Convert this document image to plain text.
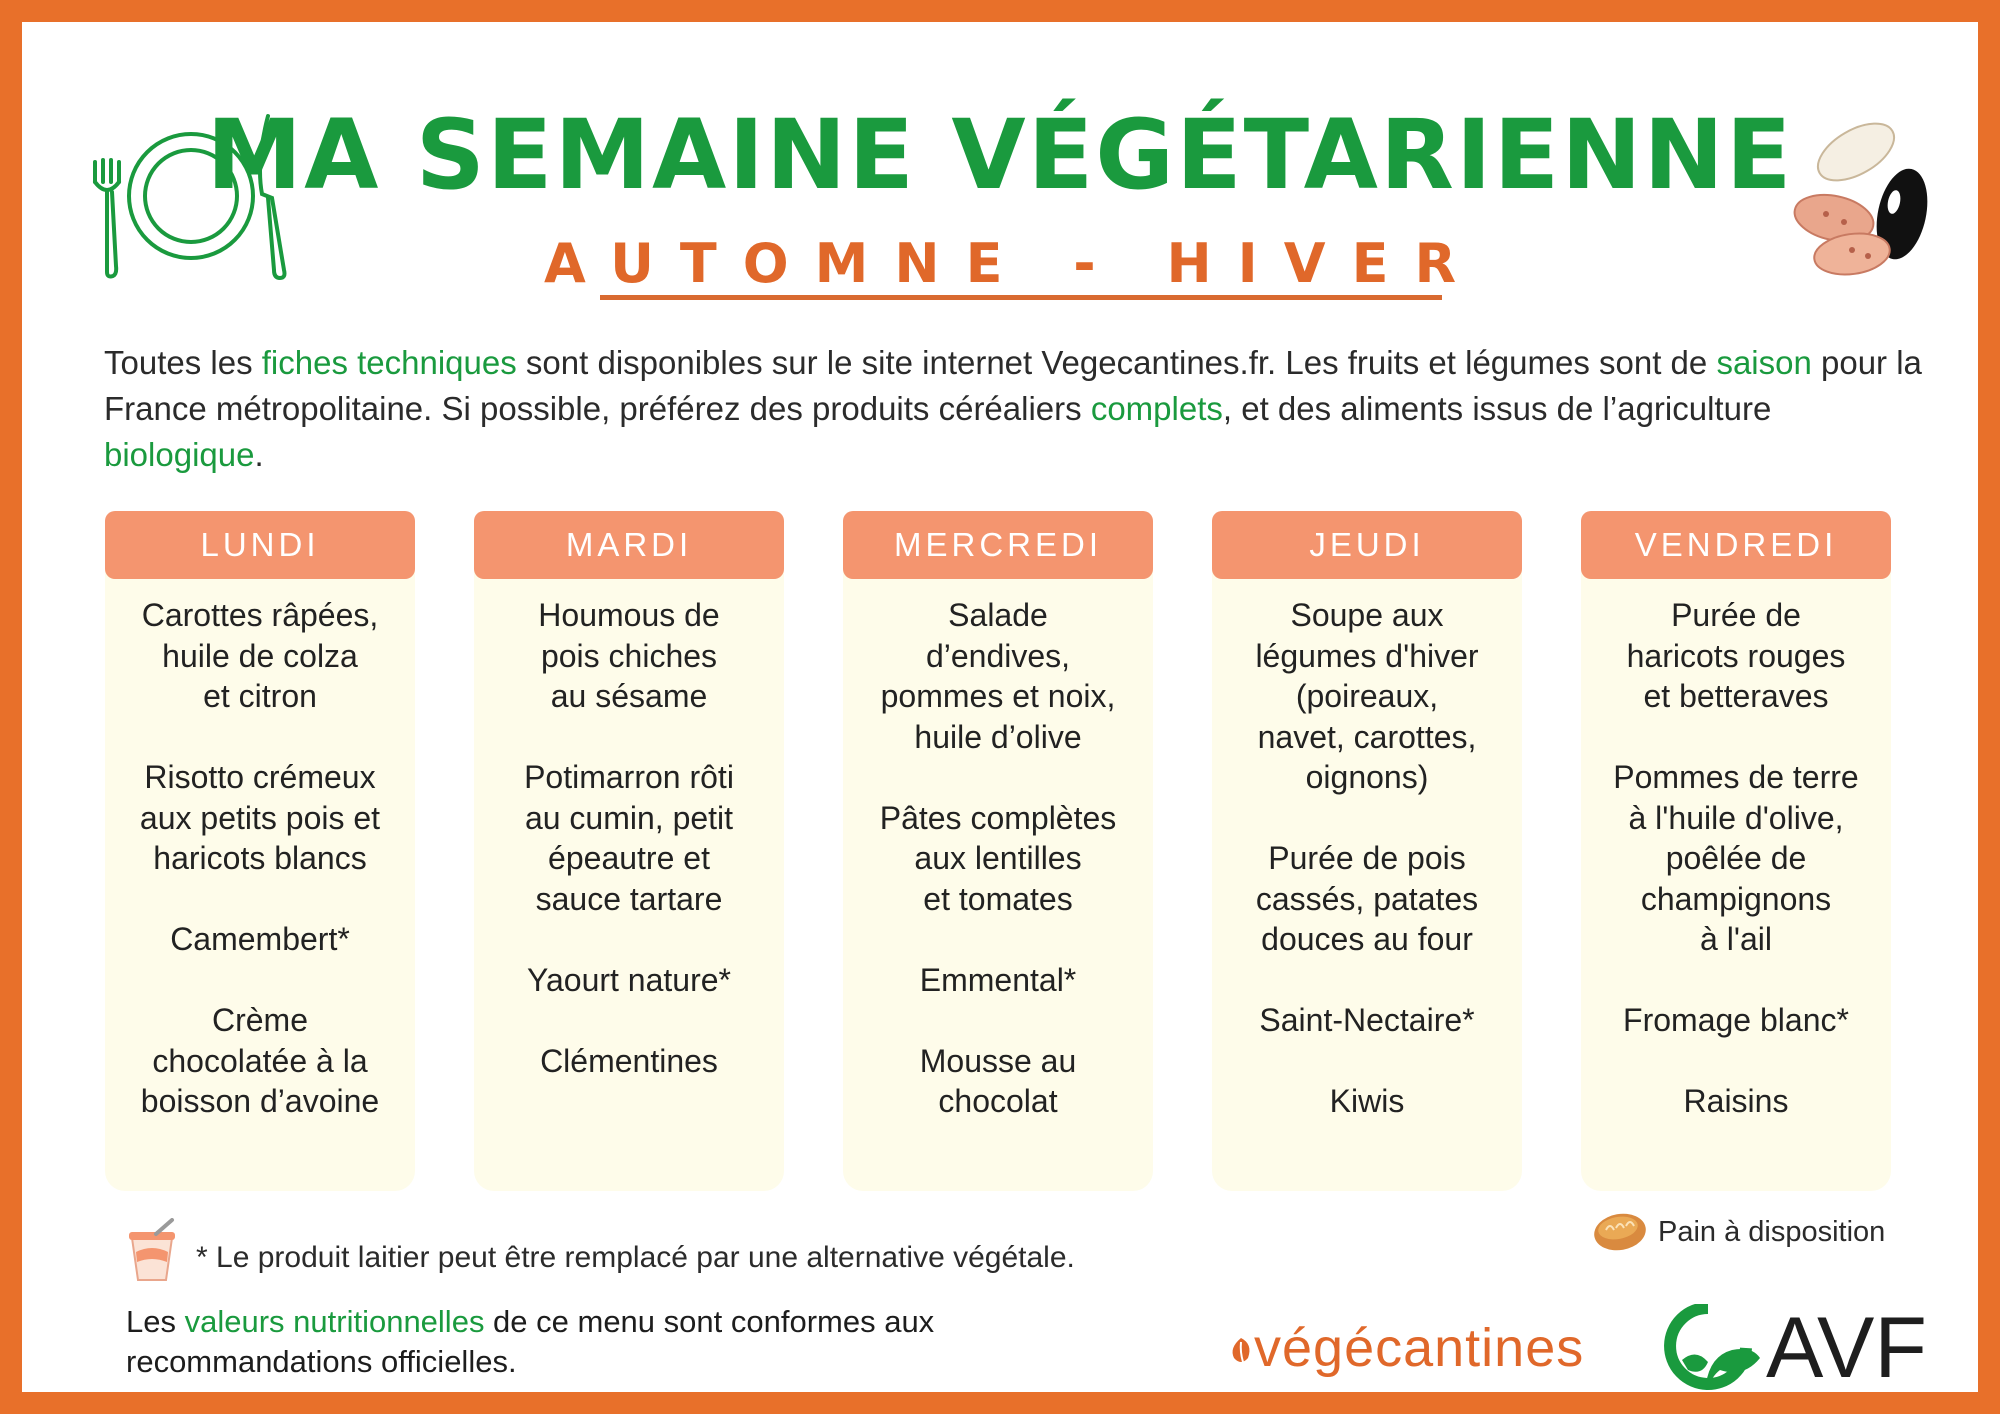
MA SEMAINE VÉGÉTARIENNE
AUTOMNE - HIVER

Toutes les fiches techniques sont disponibles sur le site internet Vegecantines.fr. Les fruits et légumes sont de saison pour la France métropolitaine. Si possible, préférez des produits céréaliers complets, et des aliments issus de l’agriculture biologique.

LUNDI
Carottes râpées,
huile de colza
et citron
Risotto crémeux
aux petits pois et
haricots blancs
Camembert*
Crème
chocolatée à la
boisson d’avoine
MARDI
Houmous de
pois chiches
au sésame
Potimarron rôti
au cumin, petit
épeautre et
sauce tartare
Yaourt nature*
Clémentines
MERCREDI
Salade
d’endives,
pommes et noix,
huile d’olive
Pâtes complètes
aux lentilles
et tomates
Emmental*
Mousse au
chocolat
JEUDI
Soupe aux
légumes d'hiver
(poireaux,
navet, carottes,
oignons)
Purée de pois
cassés, patates
douces au four
Saint-Nectaire*
Kiwis
VENDREDI
Purée de
haricots rouges
et betteraves
Pommes de terre
à l'huile d'olive,
poêlée de
champignons
à l'ail
Fromage blanc*
Raisins

* Le produit laitier peut être remplacé par une alternative végétale.

Pain à disposition

Les valeurs nutritionnelles de ce menu sont conformes aux
recommandations officielles.	végécantines AVF
